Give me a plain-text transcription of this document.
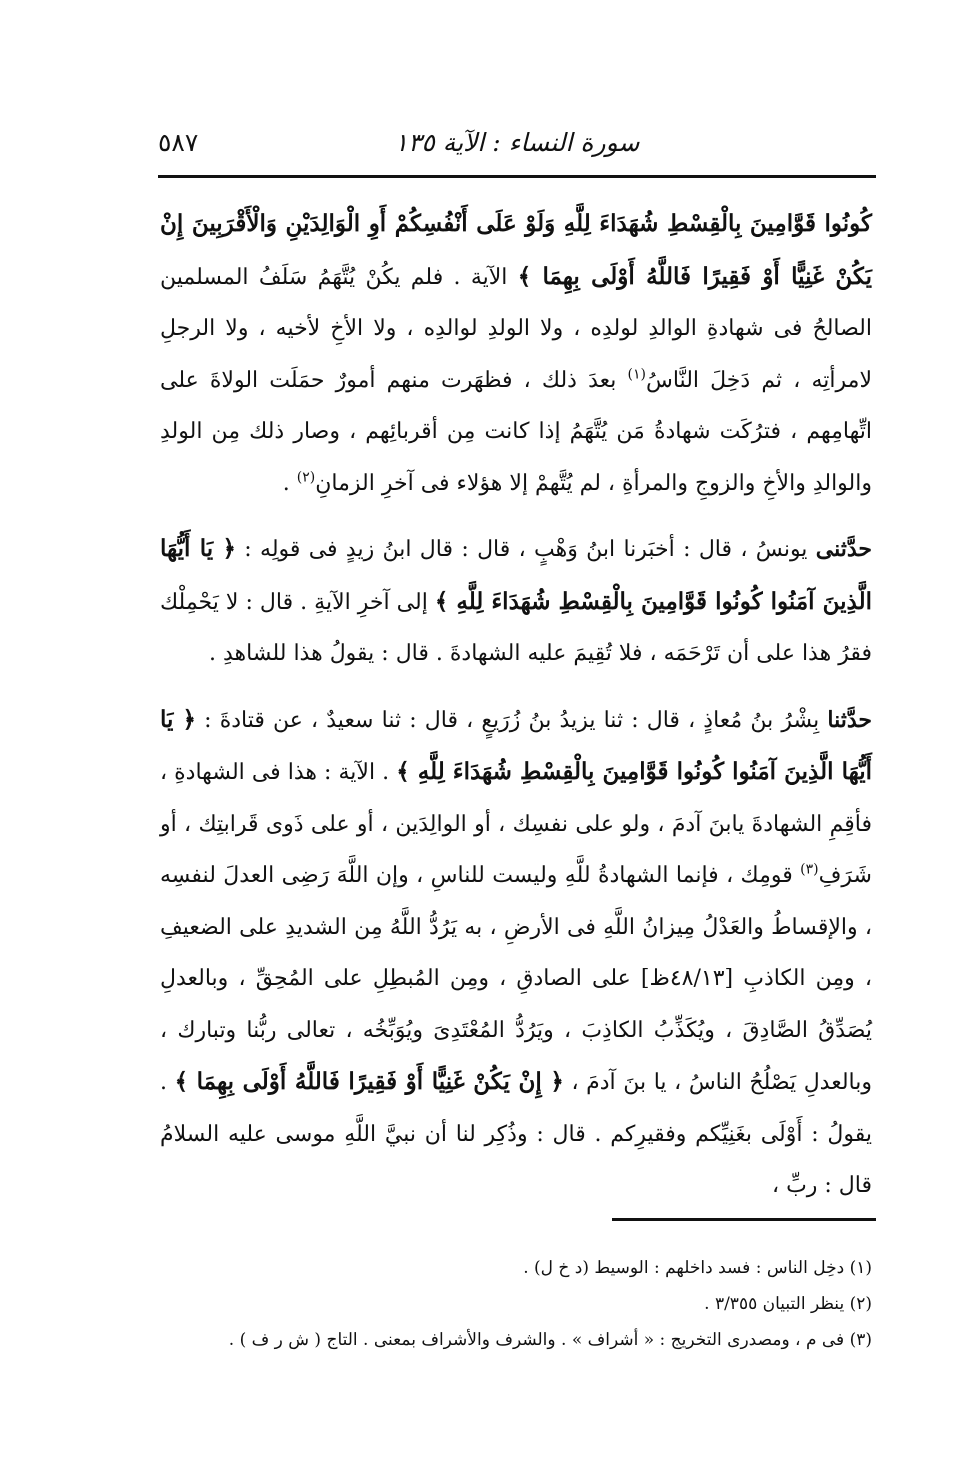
سورة النساء : الآية ١٣٥
٥٨٧

كُونُوا قَوَّامِينَ بِالْقِسْطِ شُهَدَاءَ لِلَّهِ وَلَوْ عَلَى أَنْفُسِكُمْ أَوِ الْوَالِدَيْنِ وَالْأَقْرَبِينَ إِنْ يَكُنْ غَنِيًّا أَوْ فَقِيرًا فَاللَّهُ أَوْلَى بِهِمَا ﴾ الآية . فلم يكُنْ يُتَّهَمُ سَلَفُ المسلمين الصالحُ فى شهادةِ الوالدِ لولدِه ، ولا الولدِ لوالدِه ، ولا الأخِ لأخيه ، ولا الرجلِ لامرأتِه ، ثم دَخِلَ النَّاسُ$^{(١)}$ بعدَ ذلك ، فظهَرت منهم أمورٌ حمَلَت الولاةَ على اتِّهامِهم ، فترُكَت شهادةُ مَن يُتَّهَمُ إذا كانت مِن أقربائِهم ، وصار ذلك مِن الولدِ والوالدِ والأخِ والزوجِ والمرأةِ ، لم يُتَّهمْ إلا هؤلاء فى آخرِ الزمانِ$^{(٢)}$ .

حدَّثنى يونسُ ، قال : أخبَرنا ابنُ وَهْبٍ ، قال : قال ابنُ زيدٍ فى قولِه : ﴿ يَا أَيُّهَا الَّذِينَ آمَنُوا كُونُوا قَوَّامِينَ بِالْقِسْطِ شُهَدَاءَ لِلَّهِ ﴾ إلى آخرِ الآيةِ . قال : لا يَحْمِلْك فقرُ هذا على أن تَرْحَمَه ، فلا تُقِيمَ عليه الشهادةَ . قال : يقولُ هذا للشاهدِ .

حدَّثنا بِشْرُ بنُ مُعاذٍ ، قال : ثنا يزيدُ بنُ زُرَيعٍ ، قال : ثنا سعيدٌ ، عن قتادةَ : ﴿ يَا أَيُّهَا الَّذِينَ آمَنُوا كُونُوا قَوَّامِينَ بِالْقِسْطِ شُهَدَاءَ لِلَّهِ ﴾ . الآية : هذا فى الشهادةِ ، فأقِمِ الشهادةَ يابنَ آدمَ ، ولو على نفسِك ، أو الوالِدَين ، أو على ذَوى قَرابتِك ، أو شَرَفِ$^{(٣)}$ قومِك ، فإنما الشهادةُ للَّهِ وليست للناسِ ، وإن اللَّهَ رَضِى العدلَ لنفسِه ، والإقساطُ والعَدْلُ مِيزانُ اللَّهِ فى الأرضِ ، به يَرُدُّ اللَّهُ مِن الشديدِ على الضعيفِ ، ومِن الكاذبِ [٤٨/١٣ظ] على الصادقِ ، ومِن المُبطِلِ على المُحِقِّ ، وبالعدلِ يُصَدِّقُ الصَّادِقَ ، ويُكَذِّبُ الكاذِبَ ، ويَرُدُّ المُعْتَدِىَ ويُوَبِّخُه ، تعالى ربُّنا وتبارك ، وبالعدلِ يَصْلُحُ الناسُ ، يا بنَ آدمَ ، ﴿ إِنْ يَكُنْ غَنِيًّا أَوْ فَقِيرًا فَاللَّهُ أَوْلَى بِهِمَا ﴾ . يقولُ : أَوْلَى بغَنِيِّكم وفقيرِكم . قال : وذُكِر لنا أن نبيَّ اللَّهِ موسى عليه السلامُ قال : ربِّ ،

(١) دخِل الناس : فسد داخلهم : الوسيط (د خ ل) .
(٢) ينظر التبيان ٣/٣٥٥ .
(٣) فى م ، ومصدرى التخريج : « أشراف » . والشرف والأشراف بمعنى . التاج ( ش ر ف ) .
